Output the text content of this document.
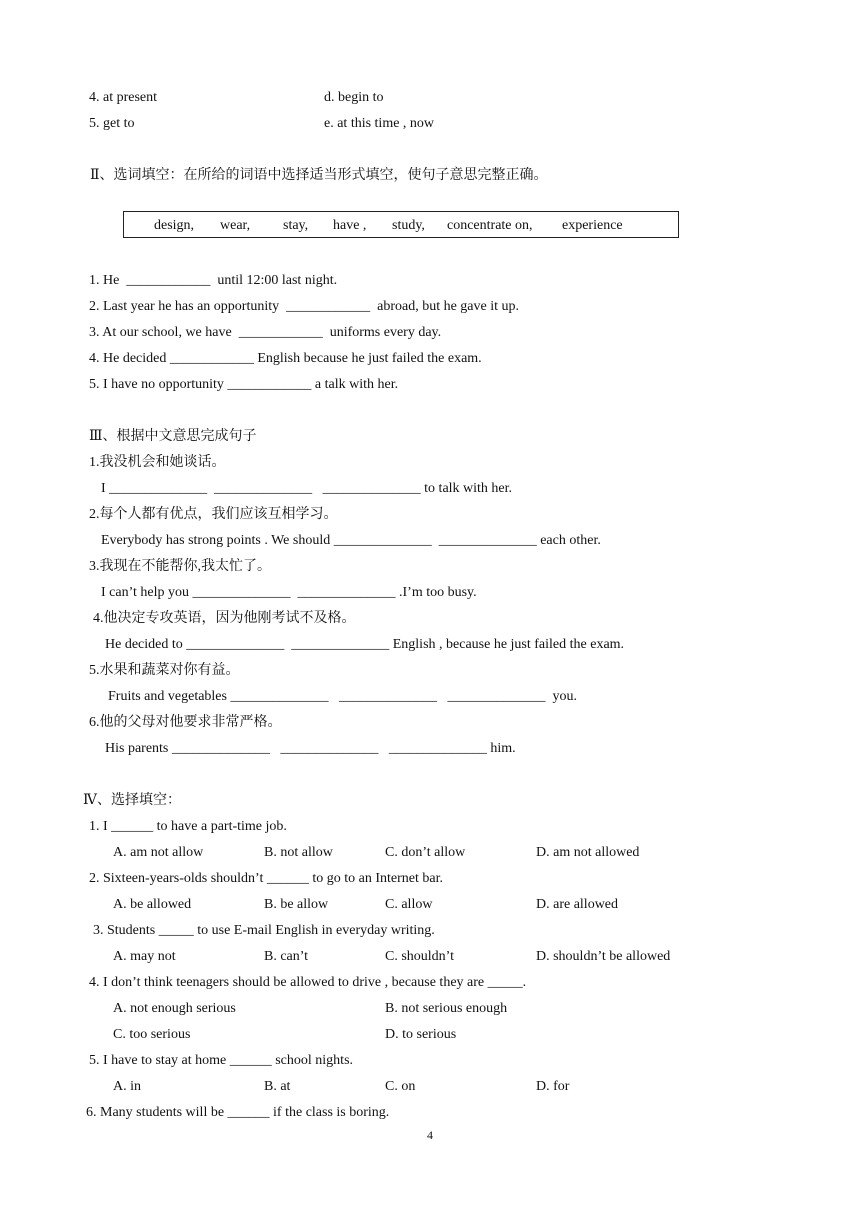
4. at present	d. begin to
5. get to	e. at this time , now
Ⅱ、选词填空：在所给的词语中选择适当形式填空，使句子意思完整正确。
design, wear, stay, have , study, concentrate on, experience
1. He  ____________  until 12:00 last night.
2. Last year he has an opportunity  ____________  abroad, but he gave it up.
3. At our school, we have  ____________  uniforms every day.
4. He decided ____________ English because he just failed the exam.
5. I have no opportunity ____________ a talk with her.
Ⅲ、根据中文意思完成句子
1.我没机会和她谈话。
I ______________  ______________   ______________ to talk with her.
2.每个人都有优点，我们应该互相学习。
Everybody has strong points . We should ______________  ______________ each other.
3.我现在不能帮你,我太忙了。
I can’t help you ______________  ______________ .I’m too busy.
4.他决定专攻英语，因为他刚考试不及格。
He decided to ______________  ______________ English , because he just failed the exam.
5.水果和蔬菜对你有益。
Fruits and vegetables ______________   ______________   ______________  you.
6.他的父母对他要求非常严格。
His parents ______________   ______________   ______________ him.
Ⅳ、选择填空：
1. I ______ to have a part-time job.
A. am not allow	B. not allow	C. don’t allow	D. am not allowed
2. Sixteen-years-olds shouldn’t ______ to go to an Internet bar.
A. be allowed	B. be allow	C. allow	D. are allowed
3. Students _____ to use E-mail English in everyday writing.
A. may not	B. can’t	C. shouldn’t	D. shouldn’t be allowed
4. I don’t think teenagers should be allowed to drive , because they are _____.
A. not enough serious	B. not serious enough
C. too serious	D. to serious
5. I have to stay at home ______ school nights.
A. in	B. at	C. on	D. for
6. Many students will be ______ if the class is boring.
4
